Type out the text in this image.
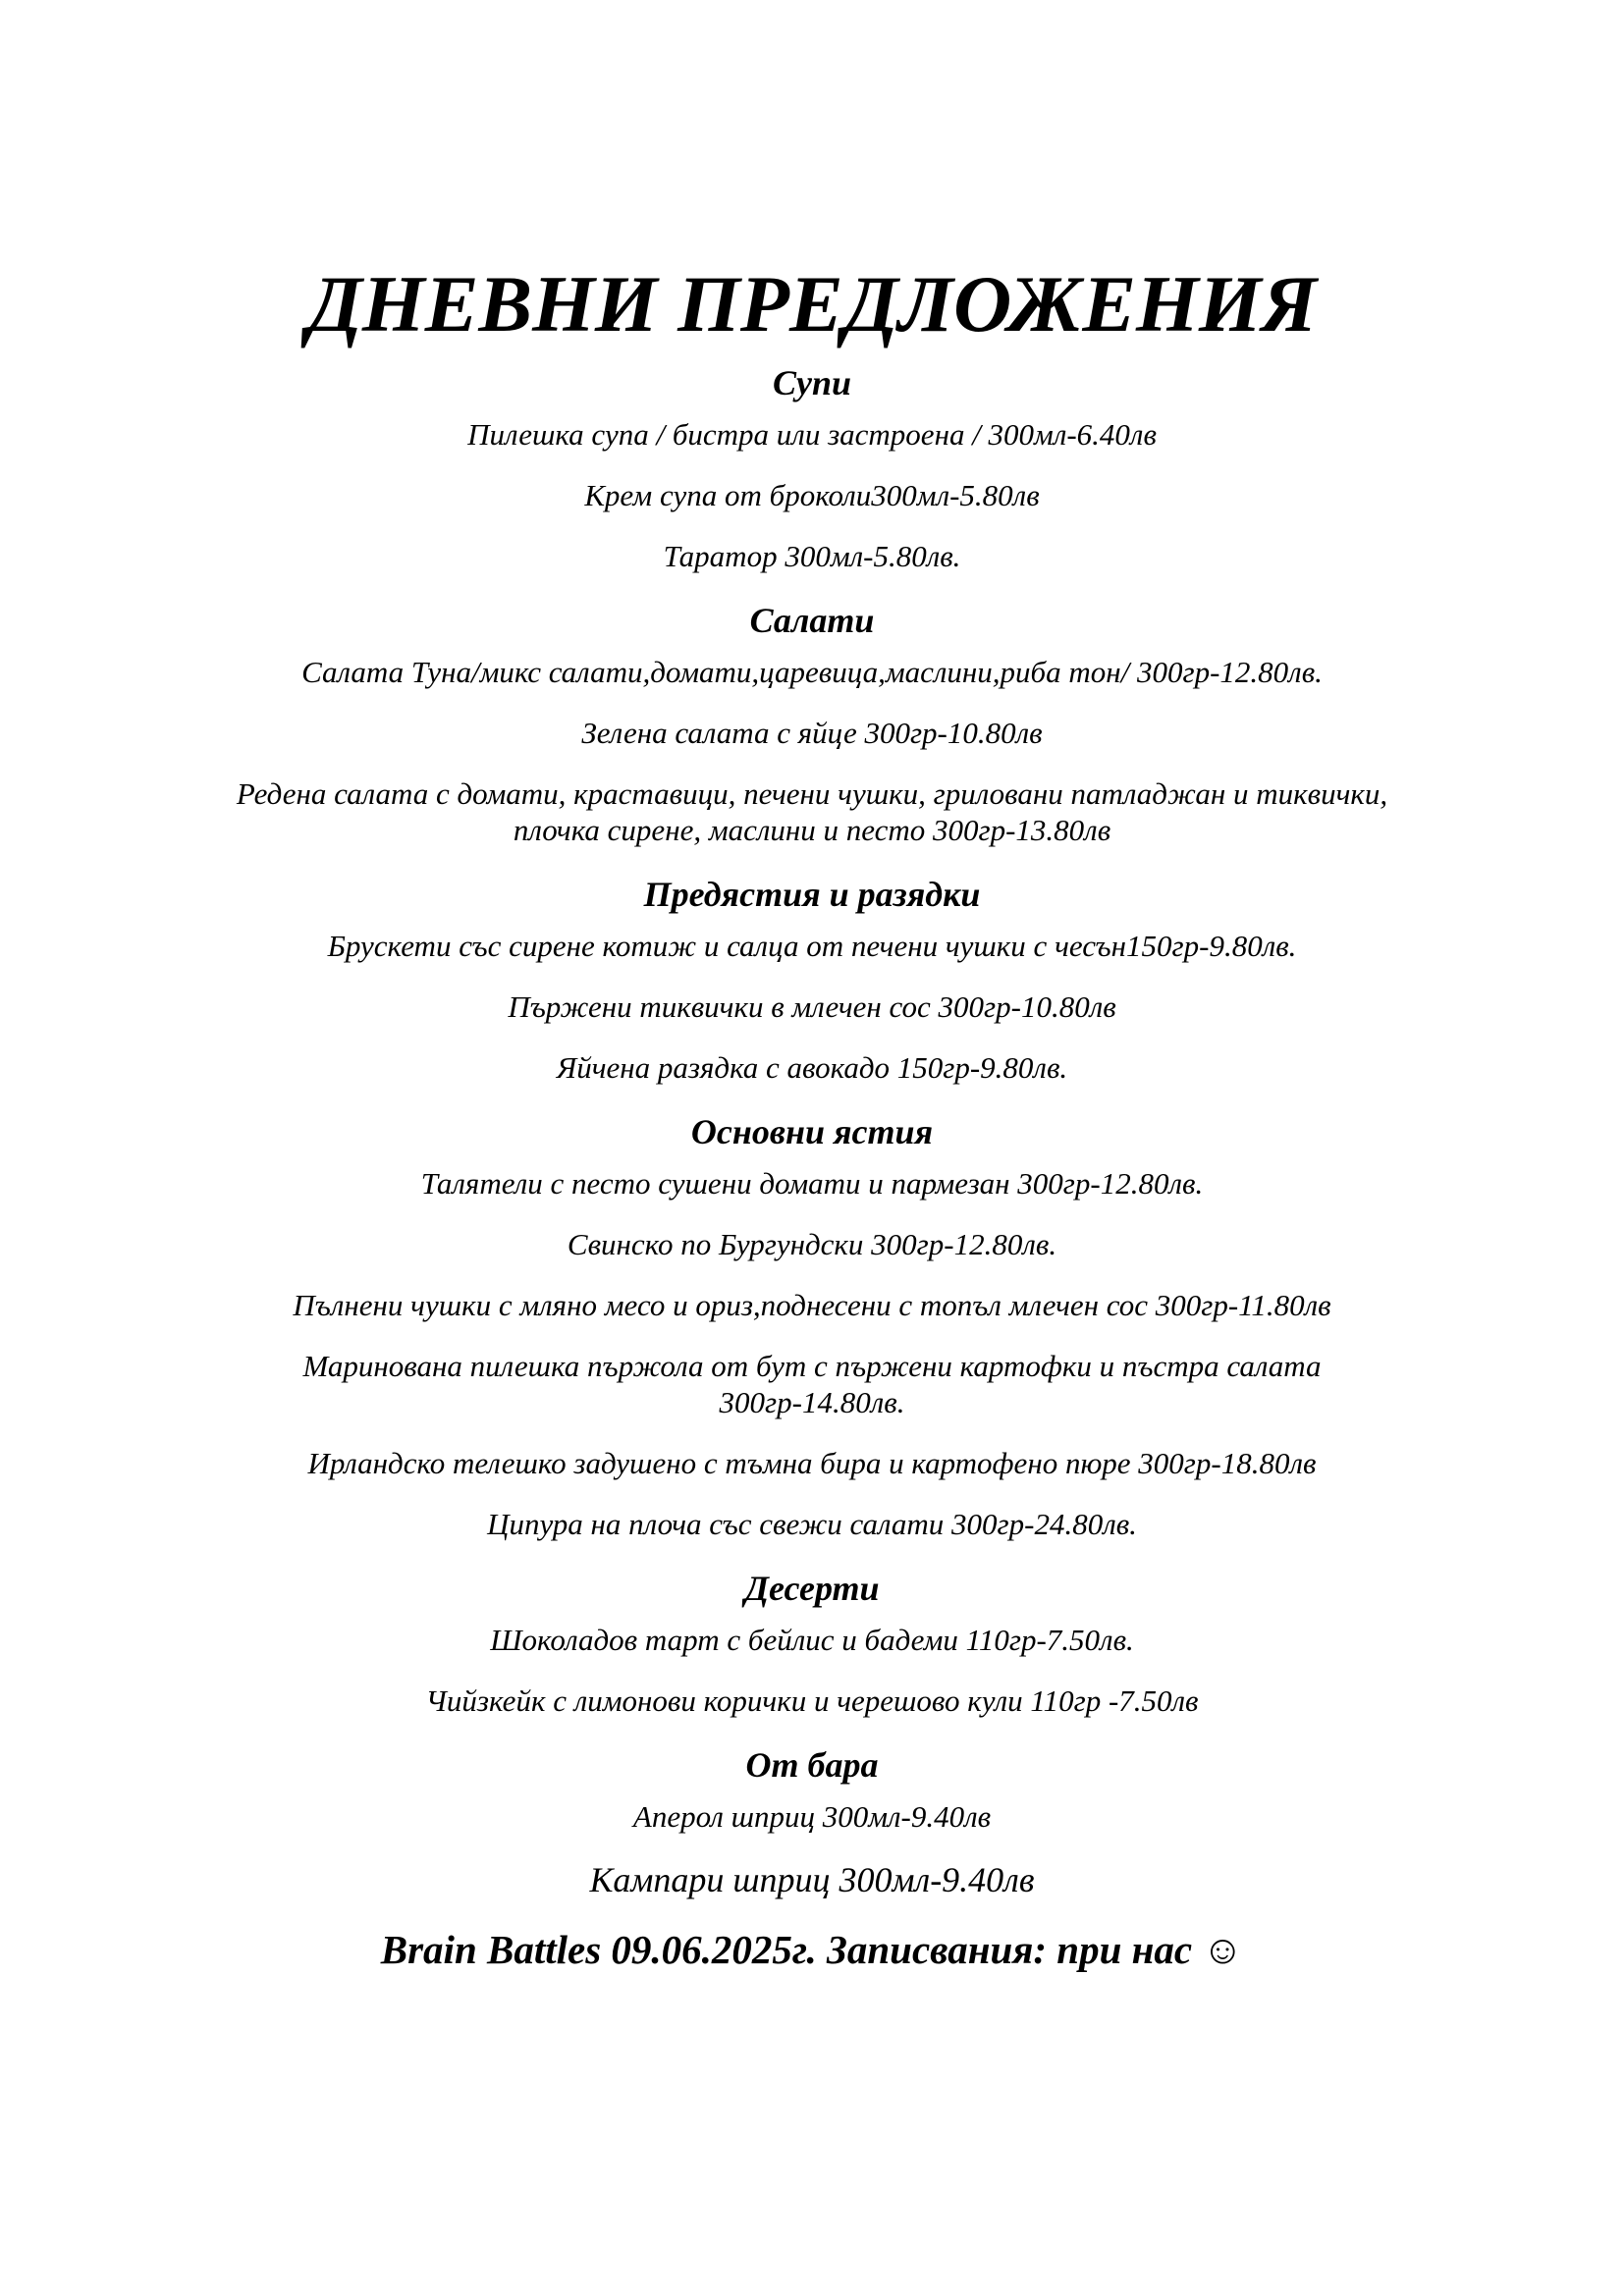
ДНЕВНИ ПРЕДЛОЖЕНИЯ
Супи
Пилешка супа / бистра или застроена / 300мл-6.40лв
Крем супа от броколи300мл-5.80лв
Таратор 300мл-5.80лв.
Салати
Салата Туна/микс салати,домати,царевица,маслини,риба тон/ 300гр-12.80лв.
Зелена салата с яйце 300гр-10.80лв
Редена салата с домати, краставици, печени чушки, гриловани патладжан и тиквички, плочка сирене, маслини и песто 300гр-13.80лв
Предястия и разядки
Брускети със сирене котиж и салца от печени чушки с чесън150гр-9.80лв.
Пържени тиквички в млечен сос 300гр-10.80лв
Яйчена разядка с авокадо 150гр-9.80лв.
Основни ястия
Талятели с песто сушени домати и пармезан 300гр-12.80лв.
Свинско по Бургундски 300гр-12.80лв.
Пълнени чушки с мляно месо и ориз,поднесени с топъл млечен сос 300гр-11.80лв
Маринована пилешка пържола от бут с пържени картофки и пъстра салата 300гр-14.80лв.
Ирландско телешко задушено с тъмна бира и картофено пюре 300гр-18.80лв
Ципура на плоча със свежи салати 300гр-24.80лв.
Десерти
Шоколадов тарт с бейлис и бадеми 110гр-7.50лв.
Чийзкейк с лимонови корички и черешово кули 110гр -7.50лв
От бара
Аперол шприц 300мл-9.40лв
Кампари шприц 300мл-9.40лв
Brain Battles 09.06.2025г. Записвания: при нас ☺
